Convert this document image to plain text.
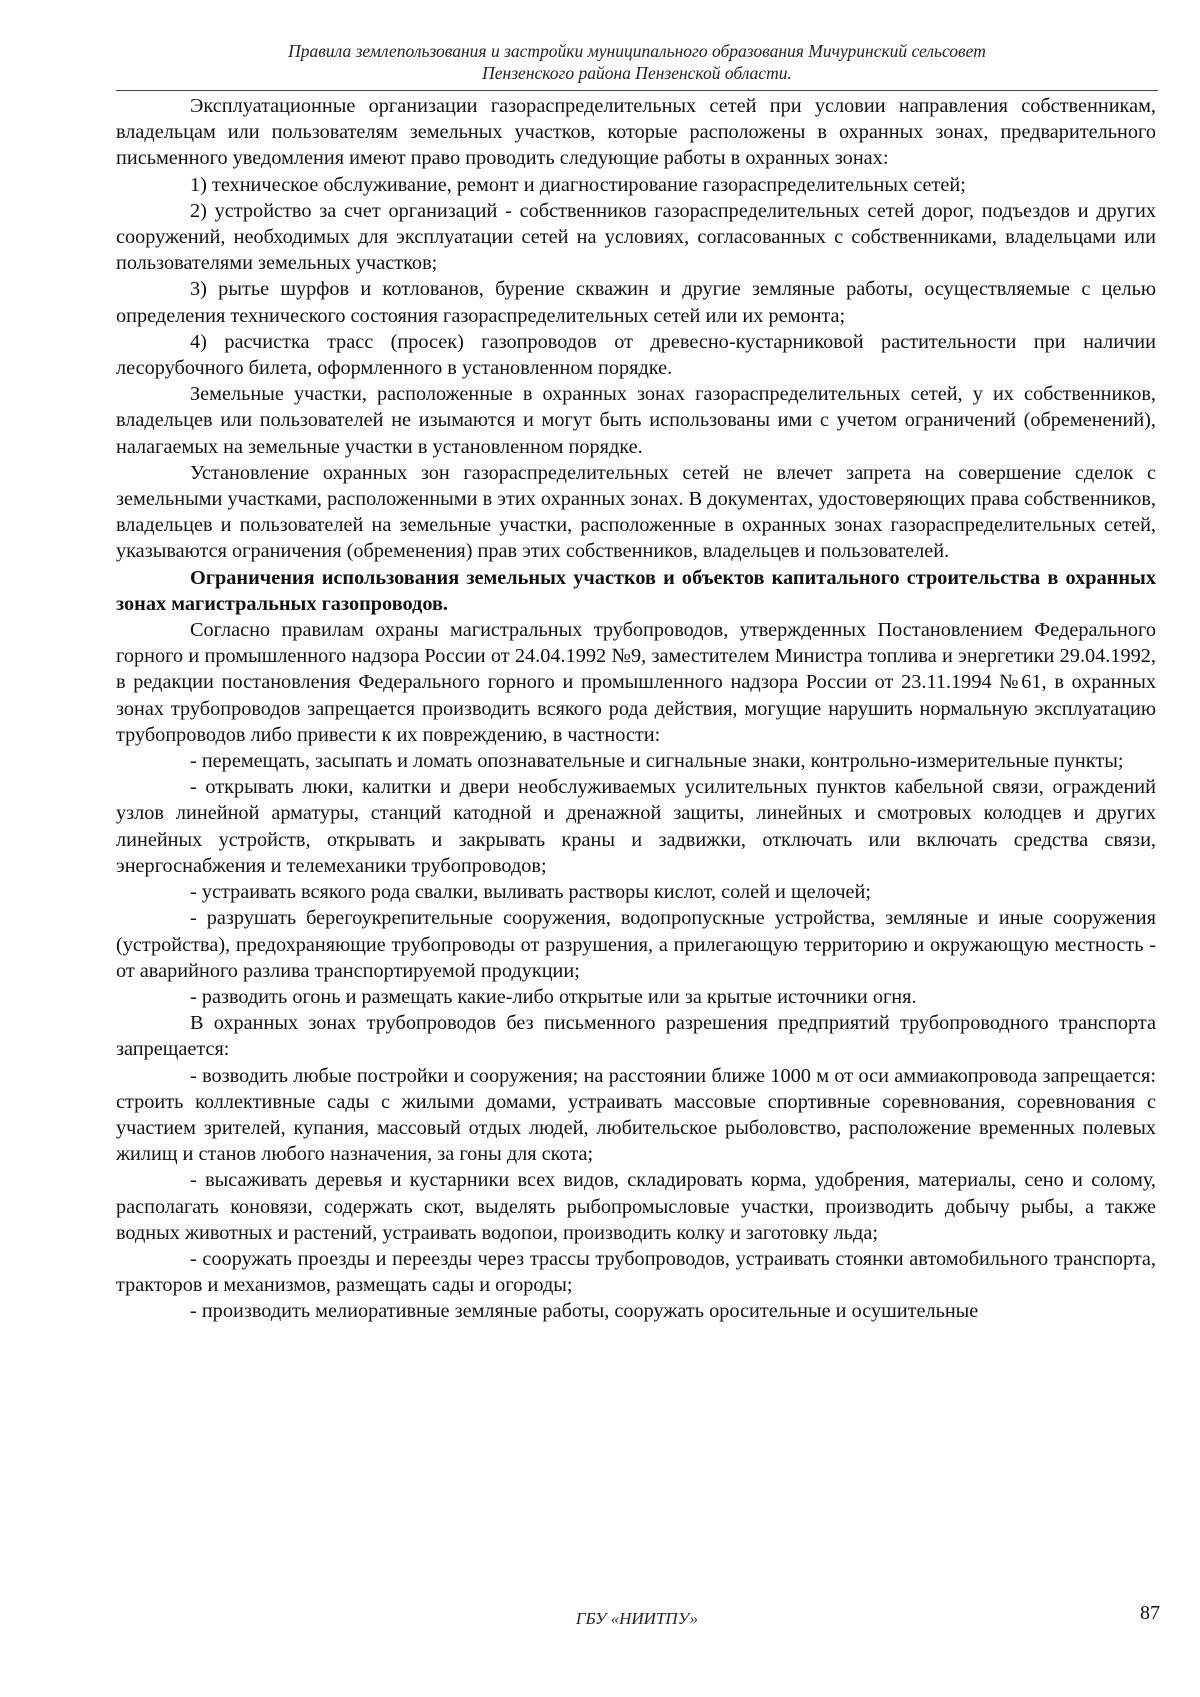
Правила землепользования и застройки муниципального образования Мичуринский сельсовет
Пензенского района Пензенской области.

Эксплуатационные организации газораспределительных сетей при условии направления собственникам, владельцам или пользователям земельных участков, которые расположены в охранных зонах, предварительного письменного уведомления имеют право проводить следующие работы в охранных зонах:

1) техническое обслуживание, ремонт и диагностирование газораспределительных сетей;

2) устройство за счет организаций - собственников газораспределительных сетей дорог, подъездов и других сооружений, необходимых для эксплуатации сетей на условиях, согласованных с собственниками, владельцами или пользователями земельных участков;

3) рытье шурфов и котлованов, бурение скважин и другие земляные работы, осуществляемые с целью определения технического состояния газораспределительных сетей или их ремонта;

4) расчистка трасс (просек) газопроводов от древесно-кустарниковой растительности при наличии лесорубочного билета, оформленного в установленном порядке.

Земельные участки, расположенные в охранных зонах газораспределительных сетей, у их собственников, владельцев или пользователей не изымаются и могут быть использованы ими с учетом ограничений (обременений), налагаемых на земельные участки в установленном порядке.

Установление охранных зон газораспределительных сетей не влечет запрета на совершение сделок с земельными участками, расположенными в этих охранных зонах. В документах, удостоверяющих права собственников, владельцев и пользователей на земельные участки, расположенные в охранных зонах газораспределительных сетей, указываются ограничения (обременения) прав этих собственников, владельцев и пользователей.

Ограничения использования земельных участков и объектов капитального строительства в охранных зонах магистральных газопроводов.

Согласно правилам охраны магистральных трубопроводов, утвержденных Постановлением Федерального горного и промышленного надзора России от 24.04.1992 №9, заместителем Министра топлива и энергетики 29.04.1992, в редакции постановления Федерального горного и промышленного надзора России от 23.11.1994 №61, в охранных зонах трубопроводов запрещается производить всякого рода действия, могущие нарушить нормальную эксплуатацию трубопроводов либо привести к их повреждению, в частности:

- перемещать, засыпать и ломать опознавательные и сигнальные знаки, контрольно-измерительные пункты;

- открывать люки, калитки и двери необслуживаемых усилительных пунктов кабельной связи, ограждений узлов линейной арматуры, станций катодной и дренажной защиты, линейных и смотровых колодцев и других линейных устройств, открывать и закрывать краны и задвижки, отключать или включать средства связи, энергоснабжения и телемеханики трубопроводов;

- устраивать всякого рода свалки, выливать растворы кислот, солей и щелочей;

- разрушать берегоукрепительные сооружения, водопропускные устройства, земляные и иные сооружения (устройства), предохраняющие трубопроводы от разрушения, а прилегающую территорию и окружающую местность - от аварийного разлива транспортируемой продукции;

- разводить огонь и размещать какие-либо открытые или за крытые источники огня.

В охранных зонах трубопроводов без письменного разрешения предприятий трубопроводного транспорта запрещается:

- возводить любые постройки и сооружения; на расстоянии ближе 1000 м от оси аммиакопровода запрещается: строить коллективные сады с жилыми домами, устраивать массовые спортивные соревнования, соревнования с участием зрителей, купания, массовый отдых людей, любительское рыболовство, расположение временных полевых жилищ и станов любого назначения, за гоны для скота;

- высаживать деревья и кустарники всех видов, складировать корма, удобрения, материалы, сено и солому, располагать коновязи, содержать скот, выделять рыбопромысловые участки, производить добычу рыбы, а также водных животных и растений, устраивать водопои, производить колку и заготовку льда;

- сооружать проезды и переезды через трассы трубопроводов, устраивать стоянки автомобильного транспорта, тракторов и механизмов, размещать сады и огороды;

- производить мелиоративные земляные работы, сооружать оросительные и осушительные

ГБУ «НИИТПУ»	87
